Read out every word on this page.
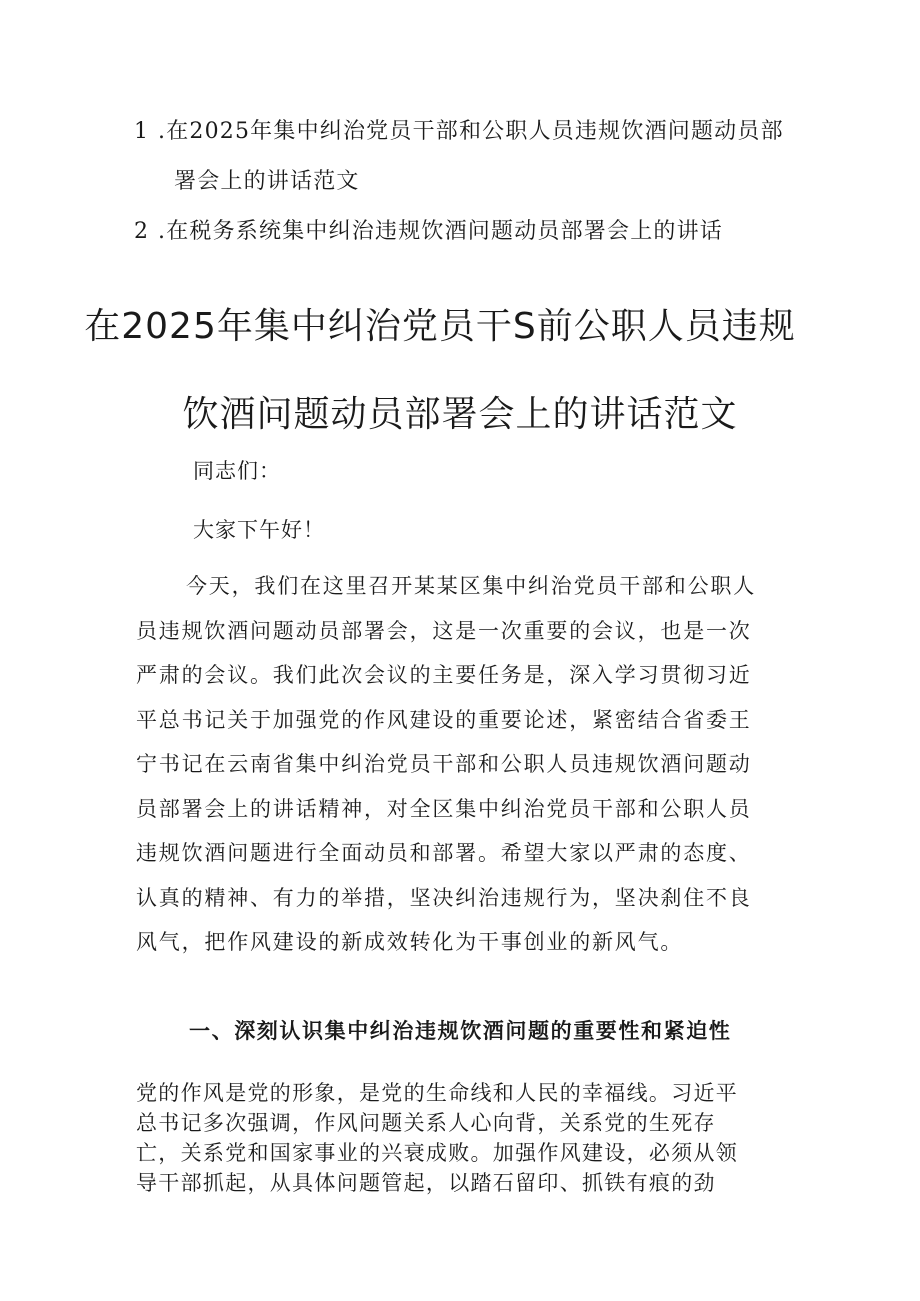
1 .在2025年集中纠治党员干部和公职人员违规饮酒问题动员部
署会上的讲话范文
2 .在税务系统集中纠治违规饮酒问题动员部署会上的讲话
在2025年集中纠治党员干S前公职人员违规
饮酒问题动员部署会上的讲话范文
同志们：
大家下午好！
今天，我们在这里召开某某区集中纠治党员干部和公职人
员违规饮酒问题动员部署会，这是一次重要的会议，也是一次
严肃的会议。我们此次会议的主要任务是，深入学习贯彻习近
平总书记关于加强党的作风建设的重要论述，紧密结合省委王
宁书记在云南省集中纠治党员干部和公职人员违规饮酒问题动
员部署会上的讲话精神，对全区集中纠治党员干部和公职人员
违规饮酒问题进行全面动员和部署。希望大家以严肃的态度、
认真的精神、有力的举措，坚决纠治违规行为，坚决刹住不良
风气，把作风建设的新成效转化为干事创业的新风气。
一、深刻认识集中纠治违规饮酒问题的重要性和紧迫性
党的作风是党的形象，是党的生命线和人民的幸福线。习近平
总书记多次强调，作风问题关系人心向背，关系党的生死存
亡，关系党和国家事业的兴衰成败。加强作风建设，必须从领
导干部抓起，从具体问题管起，以踏石留印、抓铁有痕的劲
